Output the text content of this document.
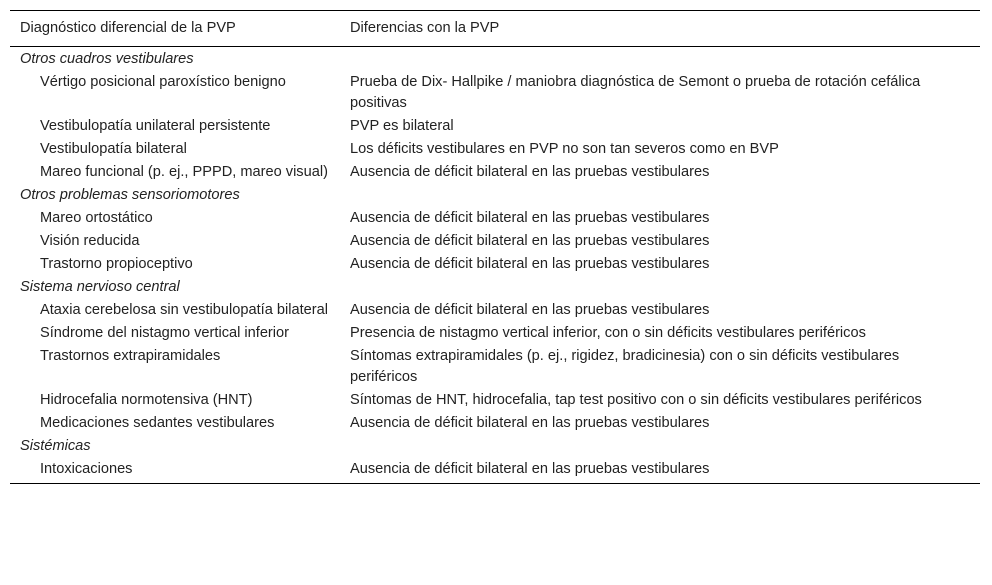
Diagnóstico diferencial de la PVP	Diferencias con la PVP
Otros cuadros vestibulares	
Vértigo posicional paroxístico benigno	Prueba de Dix- Hallpike / maniobra diagnóstica de Semont o prueba de rotación cefálica positivas
Vestibulopatía unilateral persistente	PVP es bilateral
Vestibulopatía bilateral	Los déficits vestibulares en PVP no son tan severos como en BVP
Mareo funcional (p. ej., PPPD, mareo visual)	Ausencia de déficit bilateral en las pruebas vestibulares
Otros problemas sensoriomotores	
Mareo ortostático	Ausencia de déficit bilateral en las pruebas vestibulares
Visión reducida	Ausencia de déficit bilateral en las pruebas vestibulares
Trastorno propioceptivo	Ausencia de déficit bilateral en las pruebas vestibulares
Sistema nervioso central	
Ataxia cerebelosa sin vestibulopatía bilateral	Ausencia de déficit bilateral en las pruebas vestibulares
Síndrome del nistagmo vertical inferior	Presencia de nistagmo vertical inferior, con o sin déficits vestibulares periféricos
Trastornos extrapiramidales	Síntomas extrapiramidales (p. ej., rigidez, bradicinesia) con o sin déficits vestibulares periféricos
Hidrocefalia normotensiva (HNT)	Síntomas de HNT, hidrocefalia, tap test positivo con o sin déficits vestibulares periféricos
Medicaciones sedantes vestibulares	Ausencia de déficit bilateral en las pruebas vestibulares
Sistémicas	
Intoxicaciones	Ausencia de déficit bilateral en las pruebas vestibulares
